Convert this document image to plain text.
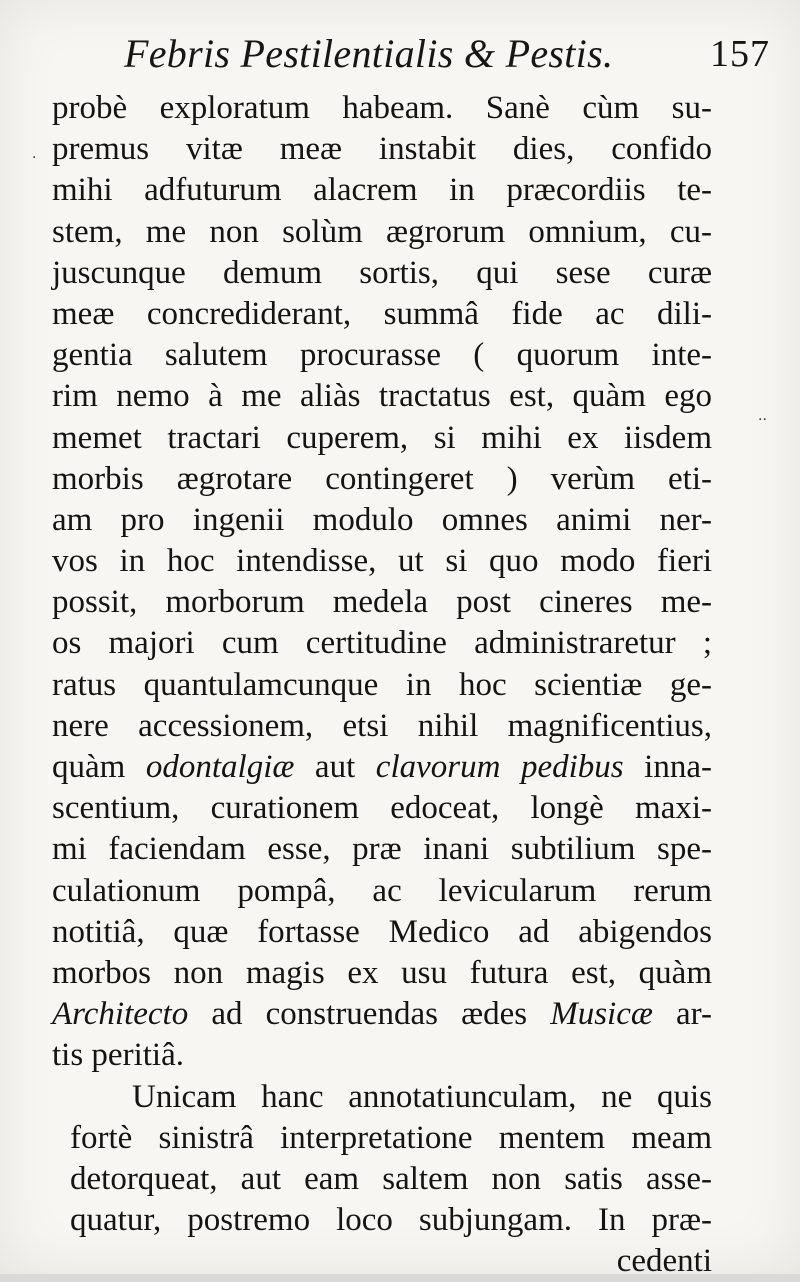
Febris Pestilentialis & Pestis.	157
probè exploratum habeam. Sanè cùm su-
premus vitæ meæ instabit dies, confido
mihi adfuturum alacrem in præcordiis te-
stem, me non solùm ægrorum omnium, cu-
juscunque demum sortis, qui sese curæ
meæ concrediderant, summâ fide ac dili-
gentia salutem procurasse ( quorum inte-
rim nemo à me aliàs tractatus est, quàm ego
memet tractari cuperem, si mihi ex iisdem
morbis ægrotare contingeret ) verùm eti-
am pro ingenii modulo omnes animi ner-
vos in hoc intendisse, ut si quo modo fieri
possit, morborum medela post cineres me-
os majori cum certitudine administraretur ;
ratus quantulamcunque in hoc scientiæ ge-
nere accessionem, etsi nihil magnificentius,
quàm odontalgiæ aut clavorum pedibus inna-
scentium, curationem edoceat, longè maxi-
mi faciendam esse, præ inani subtilium spe-
culationum pompâ, ac levicularum rerum
notitiâ, quæ fortasse Medico ad abigendos
morbos non magis ex usu futura est, quàm
Architecto ad construendas ædes Musicæ ar-
tis peritiâ.
Unicam hanc annotatiunculam, ne quis
fortè sinistrâ interpretatione mentem meam
detorqueat, aut eam saltem non satis asse-
quatur, postremo loco subjungam. In præ-
cedenti
·
··
